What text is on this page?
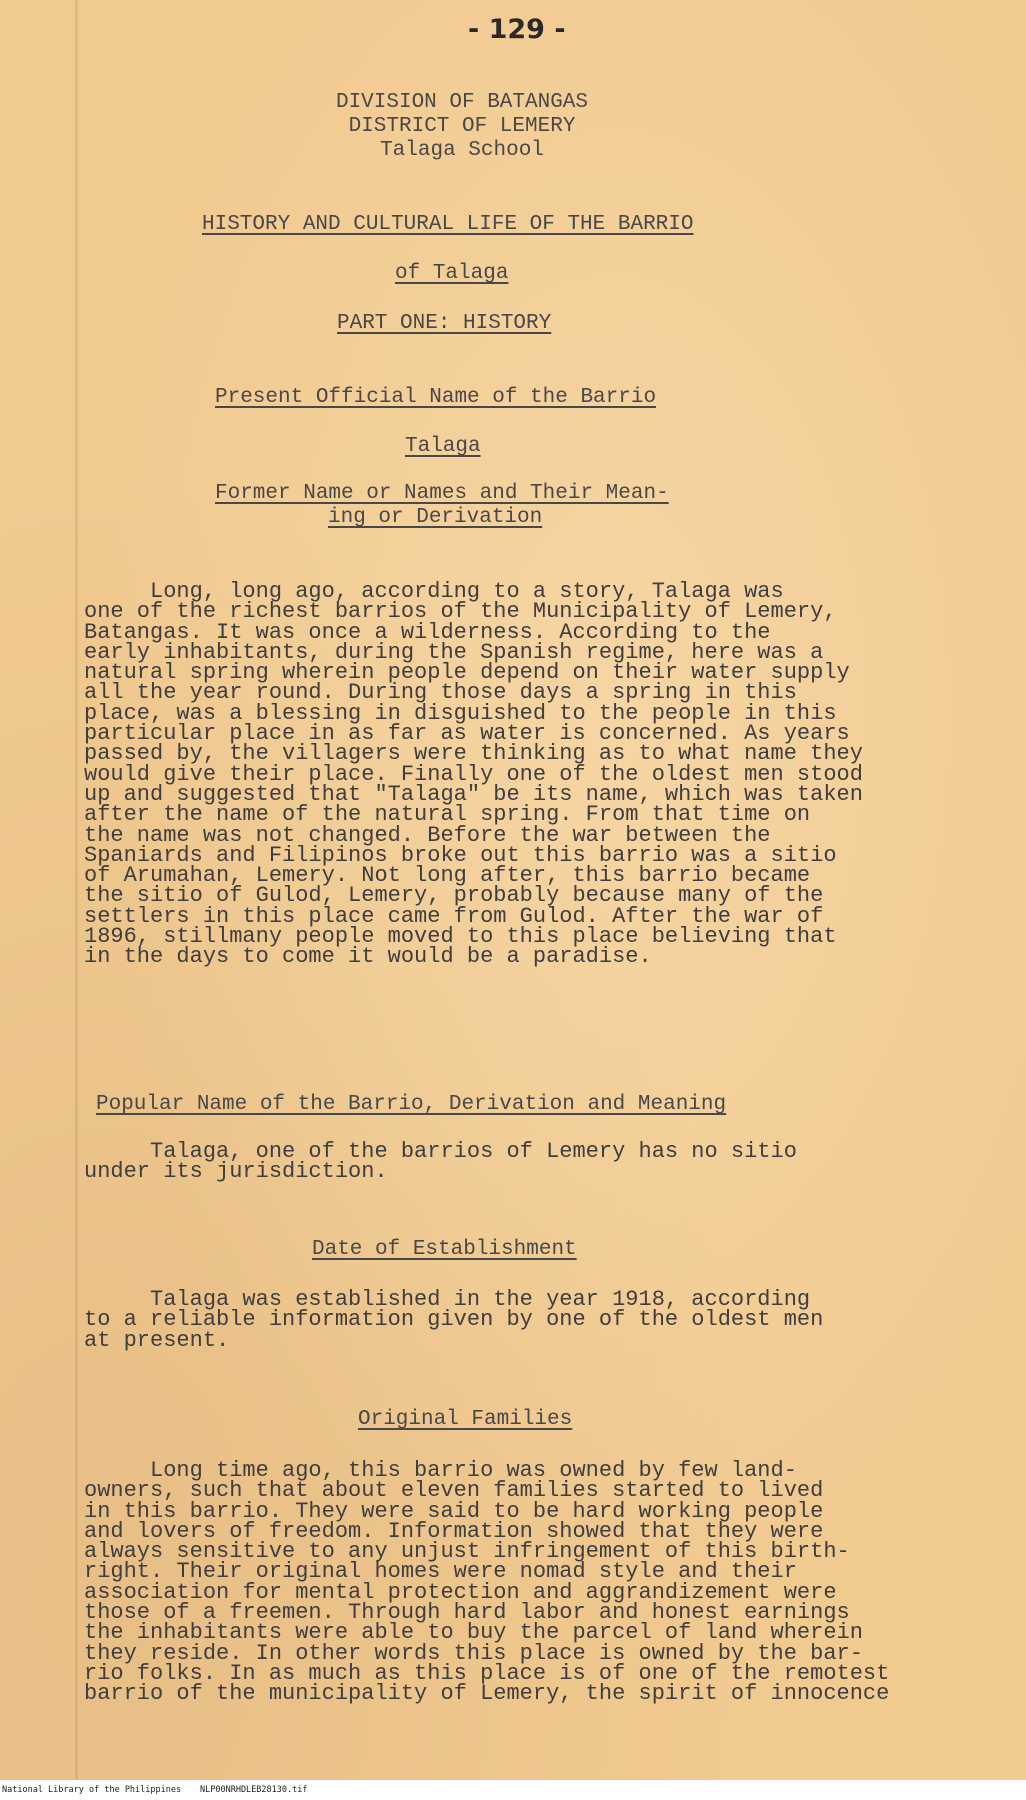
- 129 -
DIVISION OF BATANGAS
DISTRICT OF LEMERY
Talaga School
HISTORY AND CULTURAL LIFE OF THE BARRIO
of Talaga
PART ONE: HISTORY
Present Official Name of the Barrio
Talaga
Former Name or Names and Their Mean-
ing or Derivation
Long, long ago, according to a story, Talaga was
one of the richest barrios of the Municipality of Lemery,
Batangas. It was once a wilderness. According to the
early inhabitants, during the Spanish regime, here was a
natural spring wherein people depend on their water supply
all the year round. During those days a spring in this
place, was a blessing in disguished to the people in this
particular place in as far as water is concerned. As years
passed by, the villagers were thinking as to what name they
would give their place. Finally one of the oldest men stood
up and suggested that "Talaga" be its name, which was taken
after the name of the natural spring. From that time on
the name was not changed. Before the war between the
Spaniards and Filipinos broke out this barrio was a sitio
of Arumahan, Lemery. Not long after, this barrio became
the sitio of Gulod, Lemery, probably because many of the
settlers in this place came from Gulod. After the war of
1896, stillmany people moved to this place believing that
in the days to come it would be a paradise.
Popular Name of the Barrio, Derivation and Meaning
Talaga, one of the barrios of Lemery has no sitio
under its jurisdiction.
Date of Establishment
Talaga was established in the year 1918, according
to a reliable information given by one of the oldest men
at present.
Original Families
Long time ago, this barrio was owned by few land-
owners, such that about eleven families started to lived
in this barrio. They were said to be hard working people
and lovers of freedom. Information showed that they were
always sensitive to any unjust infringement of this birth-
right. Their original homes were nomad style and their
association for mental protection and aggrandizement were
those of a freemen. Through hard labor and honest earnings
the inhabitants were able to buy the parcel of land wherein
they reside. In other words this place is owned by the bar-
rio folks. In as much as this place is of one of the remotest
barrio of the municipality of Lemery, the spirit of innocence
National Library of the Philippines NLP00NRHDLEB28130.tif
